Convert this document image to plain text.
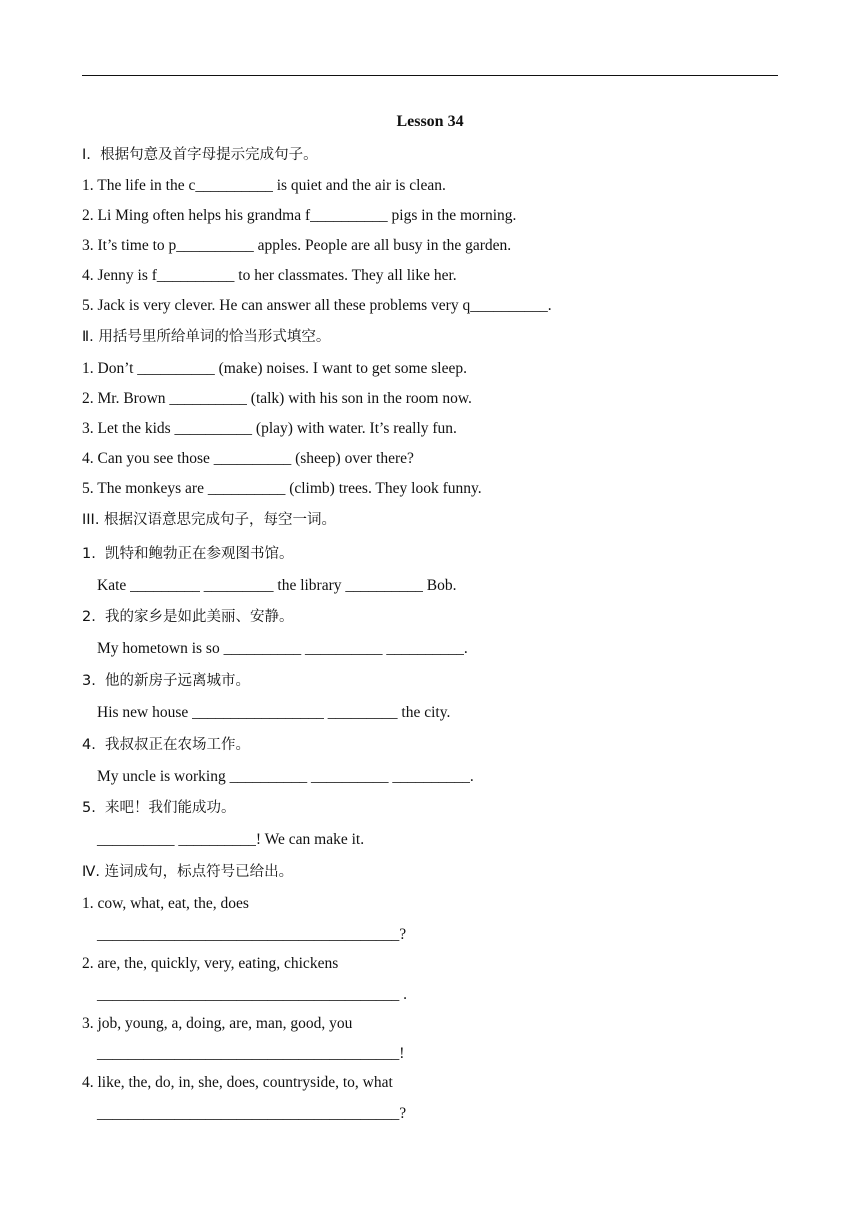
Lesson 34
Ⅰ.  根据句意及首字母提示完成句子。
1. The life in the c__________ is quiet and the air is clean.
2. Li Ming often helps his grandma f__________ pigs in the morning.
3. It’s time to p__________ apples. People are all busy in the garden.
4. Jenny is f__________ to her classmates. They all like her.
5. Jack is very clever. He can answer all these problems very q__________.
Ⅱ. 用括号里所给单词的恰当形式填空。
1. Don’t __________ (make) noises. I want to get some sleep.
2. Mr. Brown __________ (talk) with his son in the room now.
3. Let the kids __________ (play) with water. It’s really fun.
4. Can you see those __________ (sheep) over there?
5. The monkeys are __________ (climb) trees. They look funny.
III. 根据汉语意思完成句子，每空一词。
1.  凯特和鲍勃正在参观图书馆。
Kate _________ _________ the library __________ Bob.
2.  我的家乡是如此美丽、安静。
My hometown is so __________ __________ __________.
3.  他的新房子远离城市。
His new house _________________ _________ the city.
4.  我叔叔正在农场工作。
My uncle is working __________ __________ __________.
5.  来吧！我们能成功。
__________ __________! We can make it.
Ⅳ. 连词成句，标点符号已给出。
1. cow, what, eat, the, does
_______________________________________?
2. are, the, quickly, very, eating, chickens
_______________________________________ .
3. job, young, a, doing, are, man, good, you
_______________________________________!
4. like, the, do, in, she, does, countryside, to, what
_______________________________________?
